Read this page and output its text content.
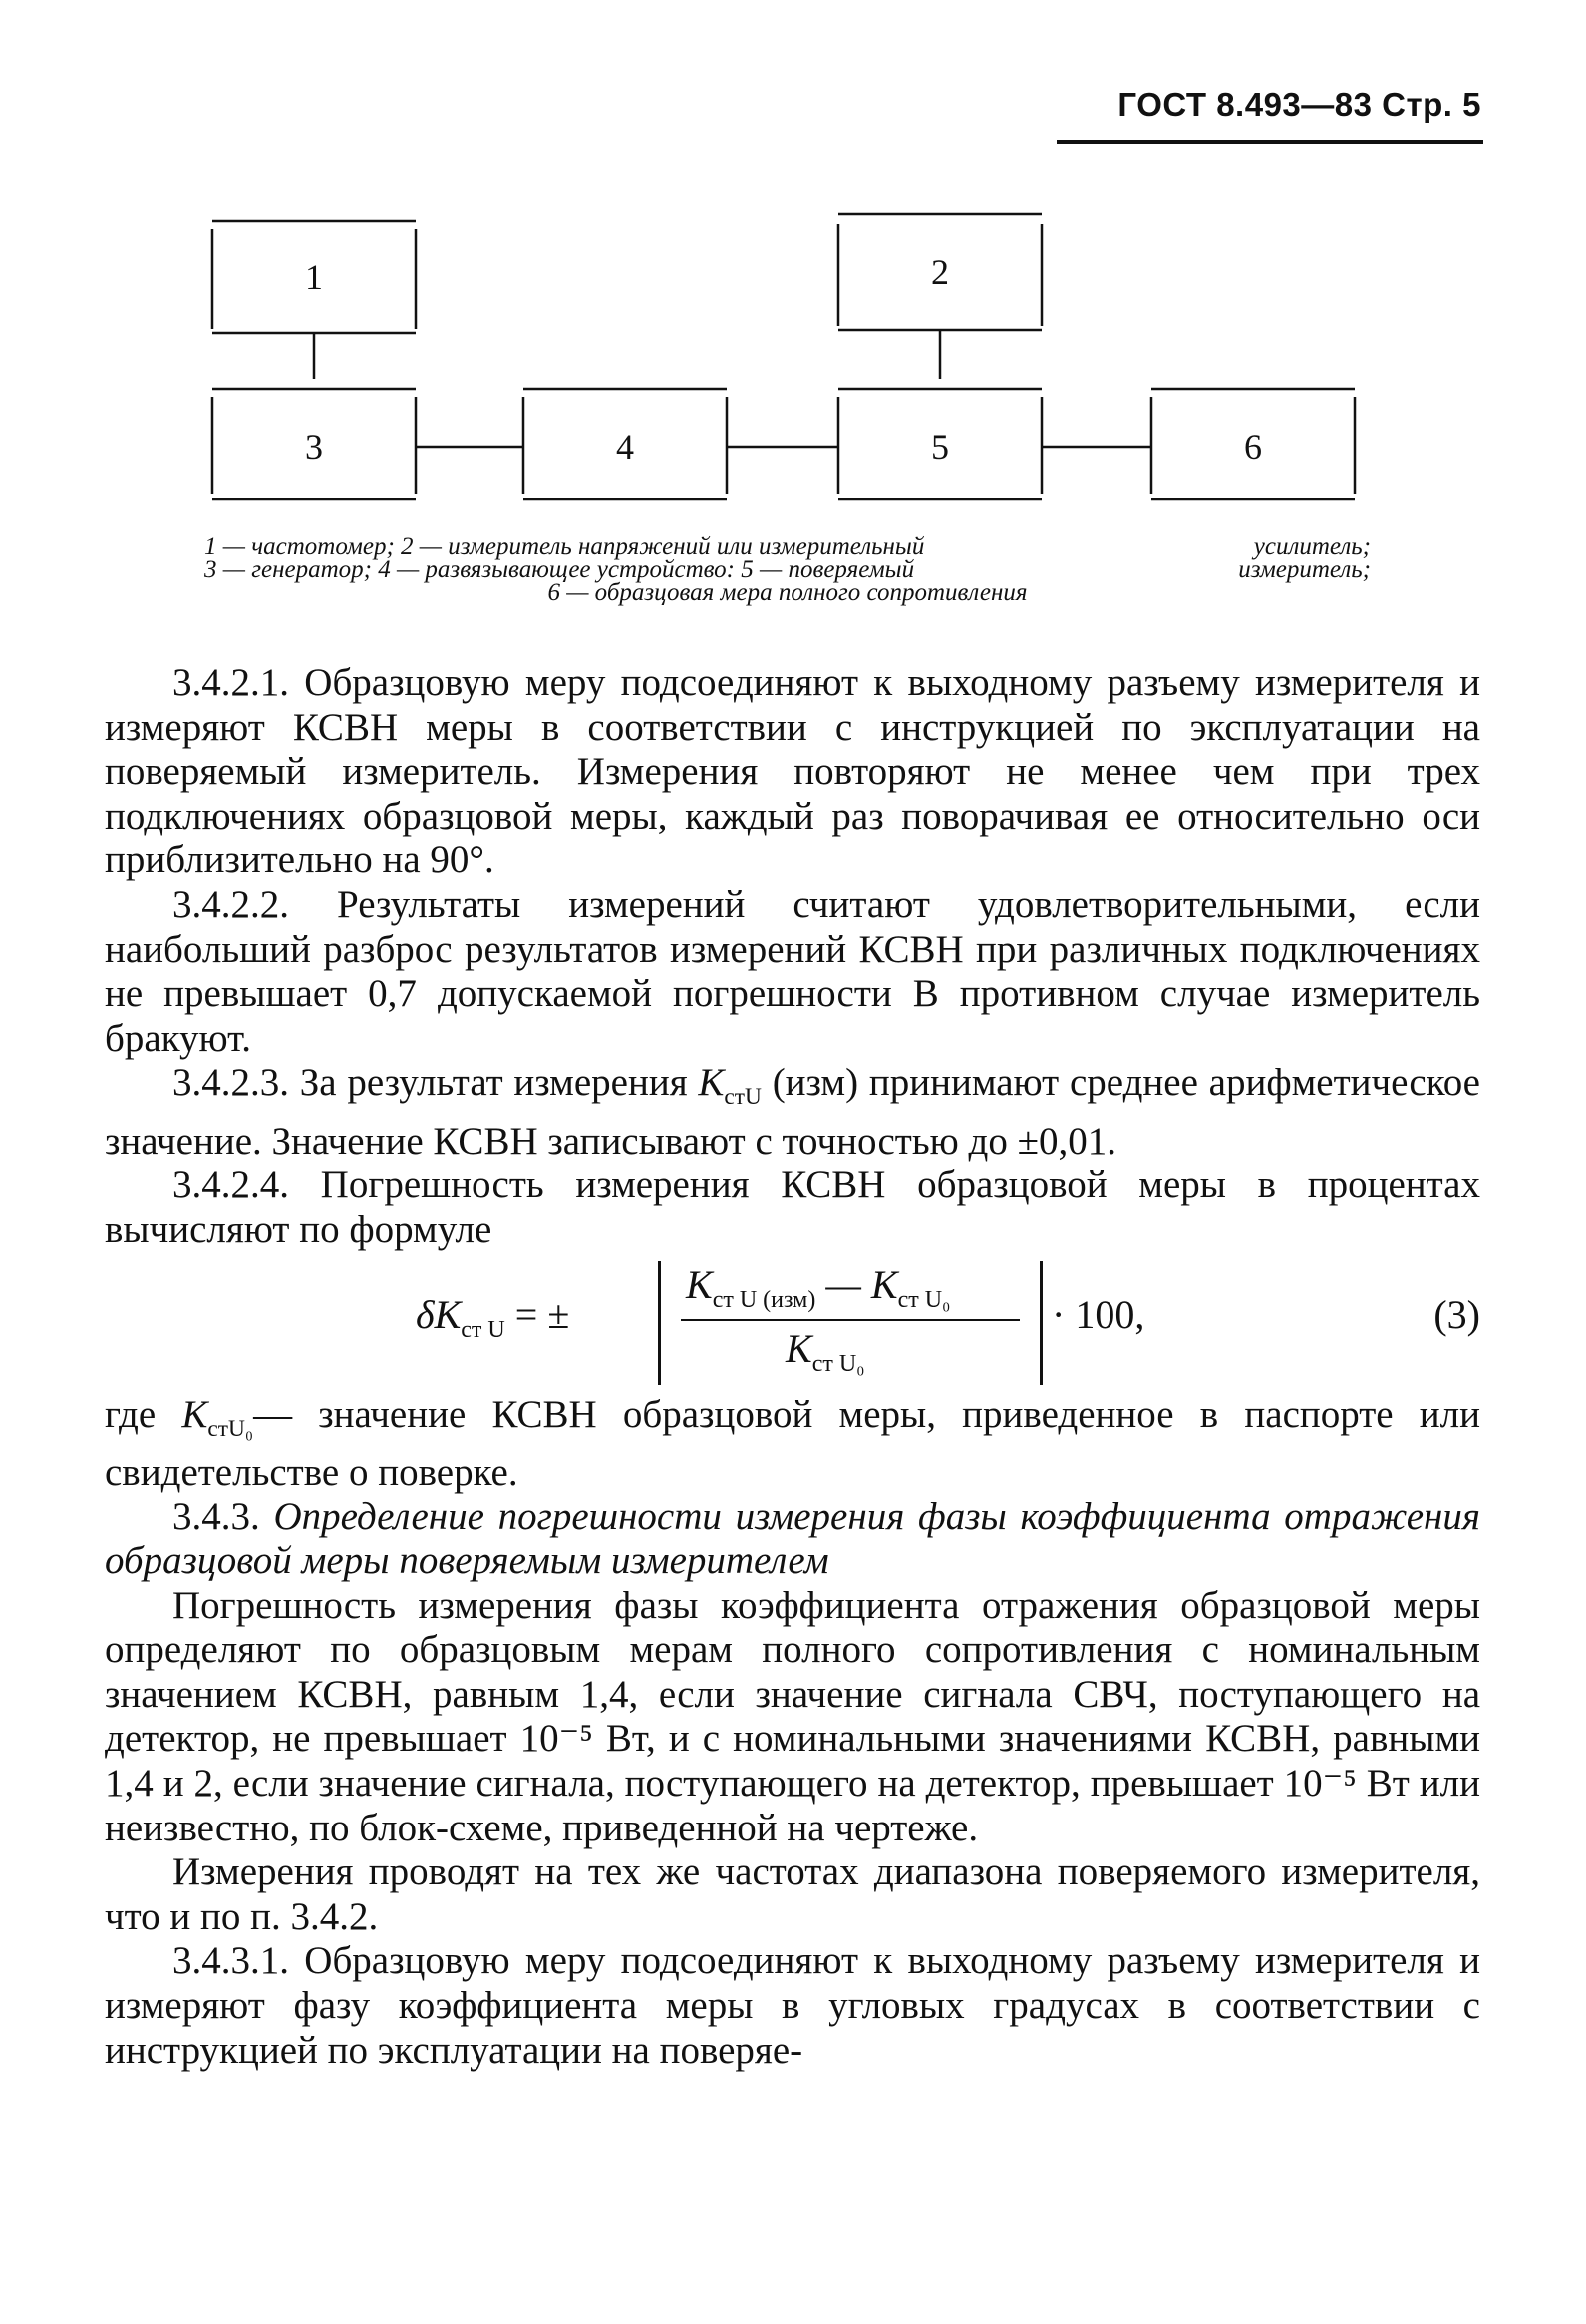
ГОСТ 8.493—83 Стр. 5
1	2
3	4	5	6
1 — частотомер; 2 — измеритель напряжений или измерительный	усилитель;
3 — генератор; 4 — развязывающее устройство: 5 — поверяемый	измеритель;
6 — образцовая мера полного сопротивления

3.4.2.1. Образцовую меру подсоединяют к выходному разъему измерителя и измеряют КСВН меры в соответствии с инструкцией по эксплуатации на поверяемый измеритель. Измерения повторяют не менее чем при трех подключениях образцовой меры, каждый раз поворачивая ее относительно оси приблизительно на 90°.

3.4.2.2. Результаты измерений считают удовлетворительными, если наибольший разброс результатов измерений КСВН при различных подключениях не превышает 0,7 допускаемой погрешности В противном случае измеритель бракуют.

3.4.2.3. За результат измерения $K_{стU}$ (изм) принимают среднее арифметическое значение. Значение КСВН записывают с точностью до ±0,01.

3.4.2.4. Погрешность измерения КСВН образцовой меры в процентах вычисляют по формуле

$\delta K_{ст U}$ = ±
$K_{ст U (изм)}$ — $K_{ст U_0}$
$K_{ст U_0}$
· 100,	(3)

где $K_{стU_0}—$ значение КСВН образцовой меры, приведенное в паспорте или свидетельстве о поверке.

3.4.3. Определение погрешности измерения фазы коэффициента отражения образцовой меры поверяемым измерителем

Погрешность измерения фазы коэффициента отражения образцовой меры определяют по образцовым мерам полного сопротивления с номинальным значением КСВН, равным 1,4, если значение сигнала СВЧ, поступающего на детектор, не превышает 10⁻⁵ Вт, и с номинальными значениями КСВН, равными 1,4 и 2, если значение сигнала, поступающего на детектор, превышает 10⁻⁵ Вт или неизвестно, по блок-схеме, приведенной на чертеже.

Измерения проводят на тех же частотах диапазона поверяемого измерителя, что и по п. 3.4.2.

3.4.3.1. Образцовую меру подсоединяют к выходному разъему измерителя и измеряют фазу коэффициента меры в угловых градусах в соответствии с инструкцией по эксплуатации на поверяе-
